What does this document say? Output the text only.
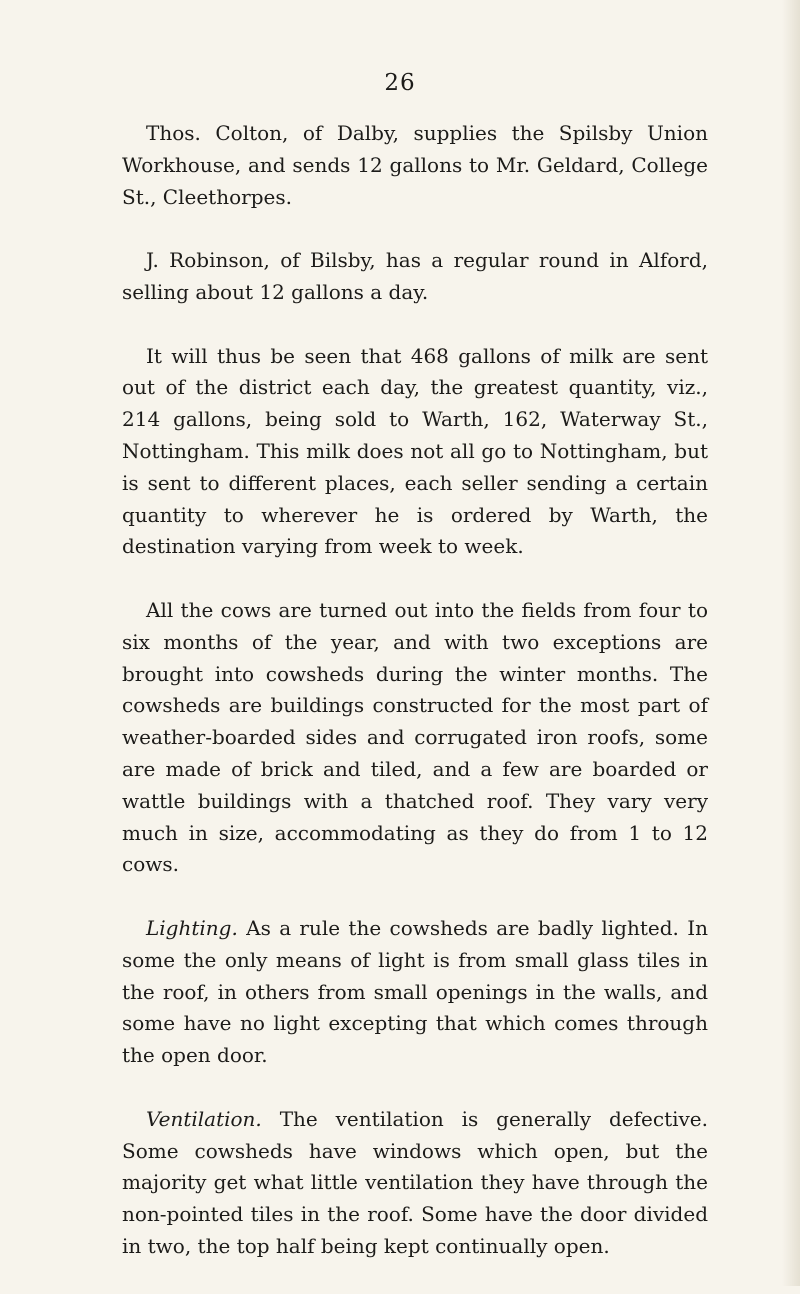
26

Thos. Colton, of Dalby, supplies the Spilsby Union Workhouse, and sends 12 gallons to Mr. Geldard, College St., Cleethorpes.

J. Robinson, of Bilsby, has a regular round in Alford, selling about 12 gallons a day.

It will thus be seen that 468 gallons of milk are sent out of the district each day, the greatest quantity, viz., 214 gallons, being sold to Warth, 162, Waterway St., Nottingham. This milk does not all go to Nottingham, but is sent to different places, each seller sending a certain quantity to wherever he is ordered by Warth, the destination varying from week to week.

All the cows are turned out into the fields from four to six months of the year, and with two exceptions are brought into cowsheds during the winter months. The cowsheds are buildings constructed for the most part of weather-boarded sides and corrugated iron roofs, some are made of brick and tiled, and a few are boarded or wattle buildings with a thatched roof. They vary very much in size, accommodating as they do from 1 to 12 cows.

Lighting. As a rule the cowsheds are badly lighted. In some the only means of light is from small glass tiles in the roof, in others from small openings in the walls, and some have no light excepting that which comes through the open door.

Ventilation. The ventilation is generally defective. Some cowsheds have windows which open, but the majority get what little ventilation they have through the non-pointed tiles in the roof. Some have the door divided in two, the top half being kept continually open.
